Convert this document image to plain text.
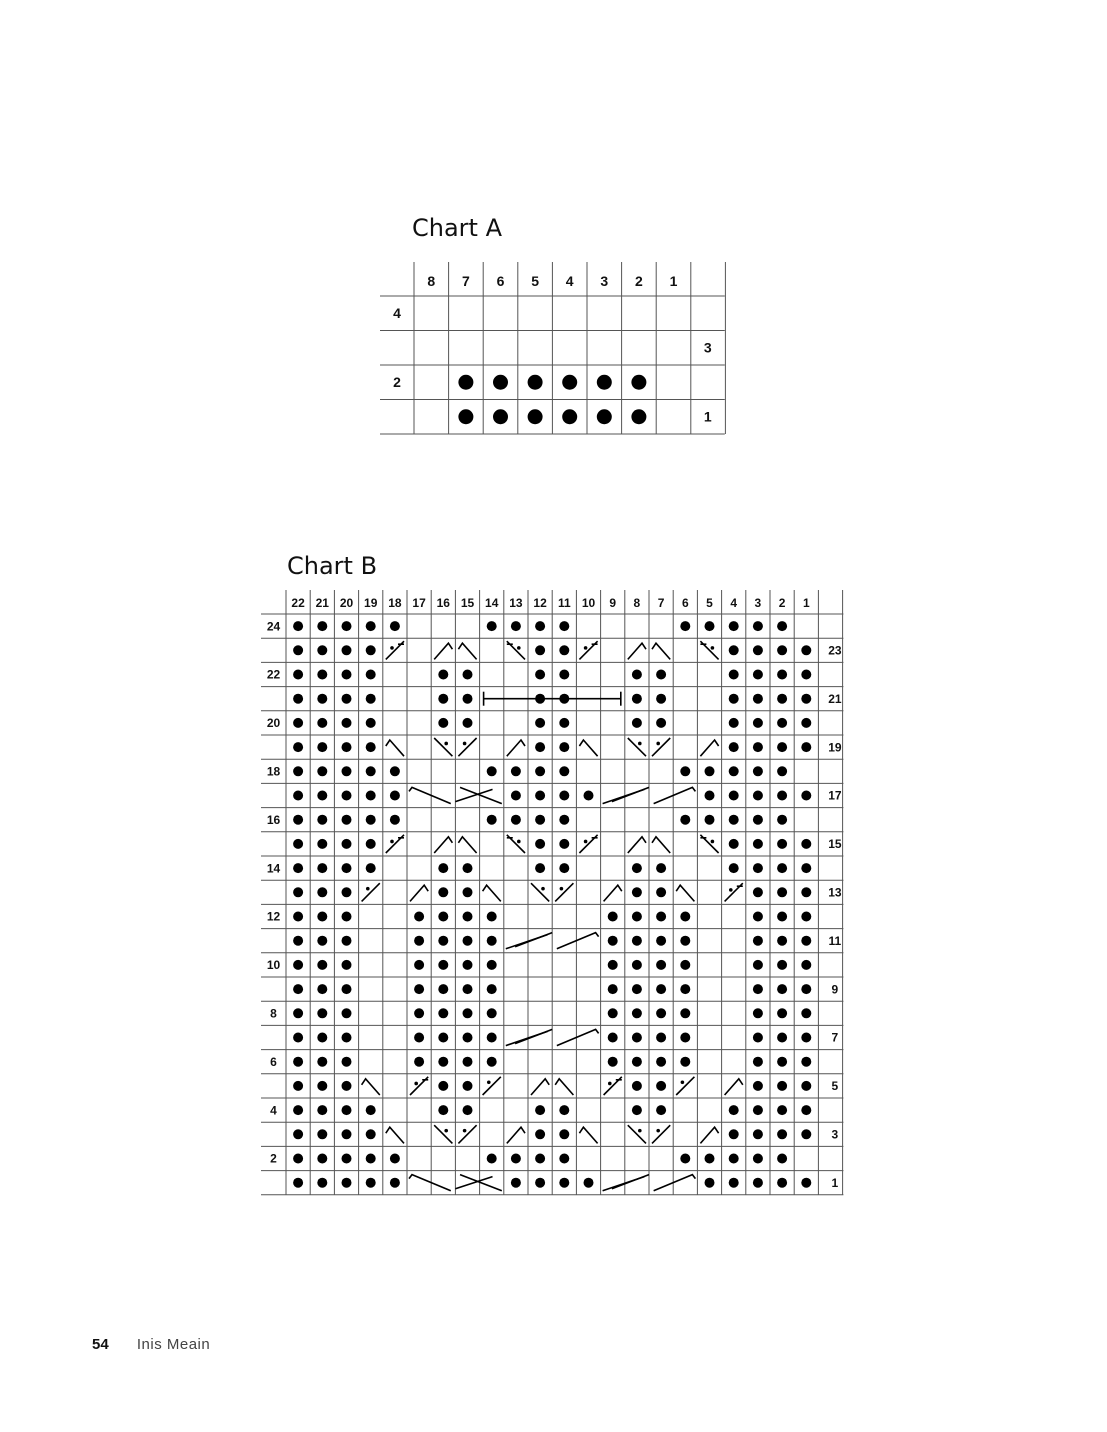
Chart A
8 7 6 5 4 3 2 1
4
3
2
1
Chart B
22 21 20 19 18 17 16 15 14 13 12 11 10 9 8 7 6 5 4 3 2 1
24
23
22
21
20
19
18
17
16
15
14
13
12
11
10
9
8
7
6
5
4
3
2
1
54 Inis Meain
